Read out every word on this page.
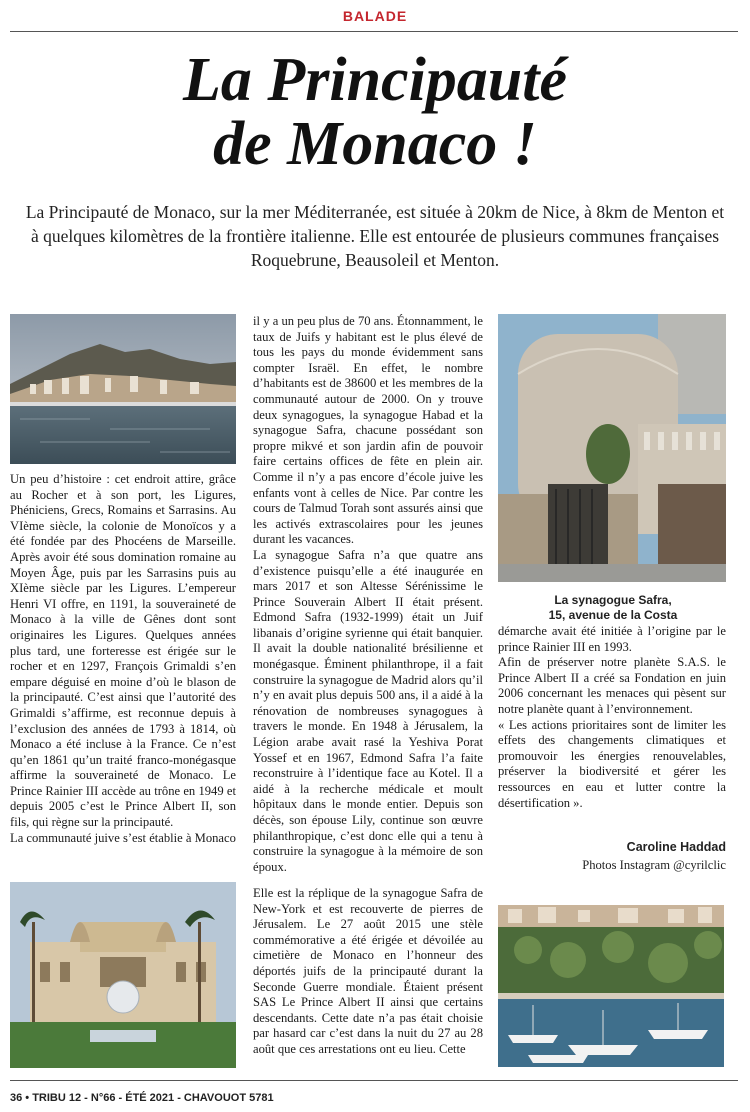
BALADE
La Principauté
de Monaco !

La Principauté de Monaco, sur la mer Méditerranée, est située à 20km de Nice, à 8km de Menton et à quelques kilomètres de la frontière italienne. Elle est entourée de plusieurs communes françaises Roquebrune, Beausoleil et Menton.

Un peu d’histoire : cet endroit attire, grâce au Rocher et à son port, les Ligures, Phéniciens, Grecs, Romains et Sarrasins. Au VIème siècle, la colonie de Monoïcos y a été fondée par des Phocéens de Marseille. Après avoir été sous domination romaine au Moyen Âge, puis par les Sarrasins puis au XIème siècle par les Ligures. L’empereur Henri VI offre, en 1191, la souveraineté de Monaco à la ville de Gênes dont sont originaires les Ligures. Quelques années plus tard, une forteresse est érigée sur le rocher et en 1297, François Grimaldi s’en empare déguisé en moine d’où le blason de la principauté. C’est ainsi que l’autorité des Grimaldi s’affirme, est reconnue depuis à l’exclusion des années de 1793 à 1814, où Monaco a été incluse à la France. Ce n’est qu’en 1861 qu’un traité franco-monégasque affirme la souveraineté de Monaco. Le Prince Rainier III accède au trône en 1949 et depuis 2005 c’est le Prince Albert II, son fils, qui règne sur la principauté.

La communauté juive s’est établie à Monaco

il y a un peu plus de 70 ans. Étonnamment, le taux de Juifs y habitant est le plus élevé de tous les pays du monde évidemment sans compter Israël. En effet, le nombre d’habitants est de 38600 et les membres de la communauté autour de 2000. On y trouve deux synagogues, la synagogue Habad et la synagogue Safra, chacune possédant son propre mikvé et son jardin afin de pouvoir faire certains offices de fête en plein air. Comme il n’y a pas encore d’école juive les enfants vont à celles de Nice. Par contre les cours de Talmud Torah sont assurés ainsi que les activés extrascolaires pour les jeunes durant les vacances.

La synagogue Safra n’a que quatre ans d’existence puisqu’elle a été inaugurée en mars 2017 et son Altesse Sérénissime le Prince Souverain Albert II était présent. Edmond Safra (1932-1999) était un Juif libanais d’origine syrienne qui était banquier. Il avait la double nationalité brésilienne et monégasque. Éminent philanthrope, il a fait construire la synagogue de Madrid alors qu’il n’y en avait plus depuis 500 ans, il a aidé à la rénovation de nombreuses synagogues à travers le monde. En 1948 à Jérusalem, la Légion arabe avait rasé la Yeshiva Porat Yossef et en 1967, Edmond Safra l’a faite reconstruire à l’identique face au Kotel. Il a aidé à la recherche médicale et moult hôpitaux dans le monde entier. Depuis son décès, son épouse Lily, continue son œuvre philanthropique, c’est donc elle qui a tenu à construire la synagogue à la mémoire de son époux.

Elle est la réplique de la synagogue Safra de New-York et est recouverte de pierres de Jérusalem. Le 27 août 2015 une stèle commémorative a été érigée et dévoilée au cimetière de Monaco en l’honneur des déportés juifs de la principauté durant la Seconde Guerre mondiale. Étaient présent SAS Le Prince Albert II ainsi que certains descendants. Cette date n’a pas était choisie par hasard car c’est dans la nuit du 27 au 28 août que ces arrestations ont eu lieu. Cette

La synagogue Safra,
15, avenue de la Costa

démarche avait été initiée à l’origine par le prince Rainier III en 1993.

Afin de préserver notre planète S.A.S. le Prince Albert II a créé sa Fondation en juin 2006 concernant les menaces qui pèsent sur notre planète quant à l’environnement.

« Les actions prioritaires sont de limiter les effets des changements climatiques et promouvoir les énergies renouvelables, préserver la biodiversité et gérer les ressources en eau et lutter contre la désertification ».

Caroline Haddad
Photos Instagram @cyrilclic
36 • TRIBU 12 - N°66 - ÉTÉ 2021 - CHAVOUOT 5781
